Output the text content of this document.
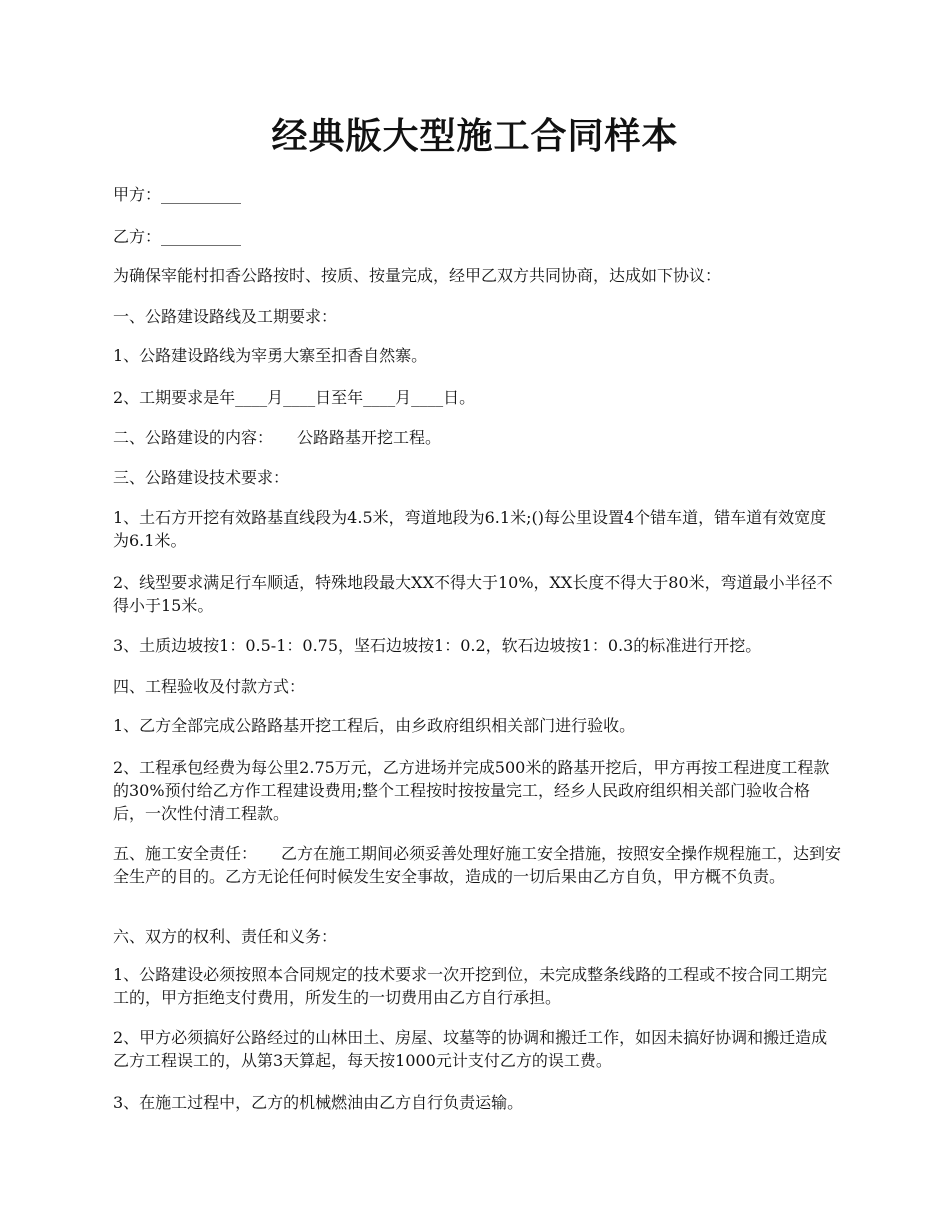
经典版大型施工合同样本

甲方：__________

乙方：__________

为确保宰能村扣香公路按时、按质、按量完成，经甲乙双方共同协商，达成如下协议：

一、公路建设路线及工期要求：

1、公路建设路线为宰勇大寨至扣香自然寨。

2、工期要求是年____月____日至年____月____日。

二、公路建设的内容：　　公路路基开挖工程。

三、公路建设技术要求：

1、土石方开挖有效路基直线段为4.5米，弯道地段为6.1米;()每公里设置4个错车道，错车道有效宽度为6.1米。

2、线型要求满足行车顺适，特殊地段最大XX不得大于10%，XX长度不得大于80米，弯道最小半径不得小于15米。

3、土质边坡按1：0.5-1：0.75，坚石边坡按1：0.2，软石边坡按1：0.3的标准进行开挖。

四、工程验收及付款方式：

1、乙方全部完成公路路基开挖工程后，由乡政府组织相关部门进行验收。

2、工程承包经费为每公里2.75万元，乙方进场并完成500米的路基开挖后，甲方再按工程进度工程款的30%预付给乙方作工程建设费用;整个工程按时按按量完工，经乡人民政府组织相关部门验收合格后，一次性付清工程款。

五、施工安全责任：　　乙方在施工期间必须妥善处理好施工安全措施，按照安全操作规程施工，达到安全生产的目的。乙方无论任何时候发生安全事故，造成的一切后果由乙方自负，甲方概不负责。

六、双方的权利、责任和义务：

1、公路建设必须按照本合同规定的技术要求一次开挖到位，未完成整条线路的工程或不按合同工期完工的，甲方拒绝支付费用，所发生的一切费用由乙方自行承担。

2、甲方必须搞好公路经过的山林田土、房屋、坟墓等的协调和搬迁工作，如因未搞好协调和搬迁造成乙方工程误工的，从第3天算起，每天按1000元计支付乙方的误工费。

3、在施工过程中，乙方的机械燃油由乙方自行负责运输。
